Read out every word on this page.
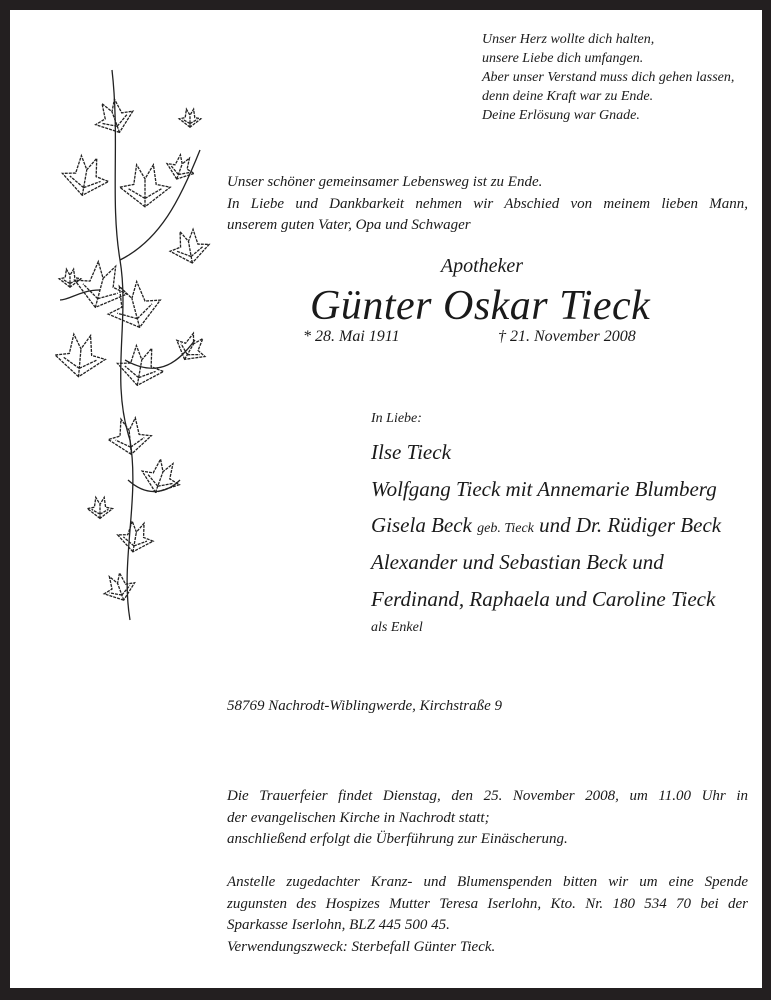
Unser Herz wollte dich halten,
unsere Liebe dich umfangen.
Aber unser Verstand muss dich gehen lassen,
denn deine Kraft war zu Ende.
Deine Erlösung war Gnade.
Unser schöner gemeinsamer Lebensweg ist zu Ende.
In Liebe und Dankbarkeit nehmen wir Abschied von meinem lieben Mann,
unserem guten Vater, Opa und Schwager
Apotheker
Günter Oskar Tieck
* 28. Mai 1911	† 21. November 2008
In Liebe:
Ilse Tieck
Wolfgang Tieck mit Annemarie Blumberg
Gisela Beck geb. Tieck und Dr. Rüdiger Beck
Alexander und Sebastian Beck und
Ferdinand, Raphaela und Caroline Tieck
als Enkel
58769 Nachrodt-Wiblingwerde, Kirchstraße 9
Die Trauerfeier findet Dienstag, den 25. November 2008, um 11.00 Uhr in
der evangelischen Kirche in Nachrodt statt;
anschließend erfolgt die Überführung zur Einäscherung.
Anstelle zugedachter Kranz- und Blumenspenden bitten wir um eine Spende
zugunsten des Hospizes Mutter Teresa Iserlohn, Kto. Nr. 180 534 70 bei der
Sparkasse Iserlohn, BLZ 445 500 45.
Verwendungszweck: Sterbefall Günter Tieck.
